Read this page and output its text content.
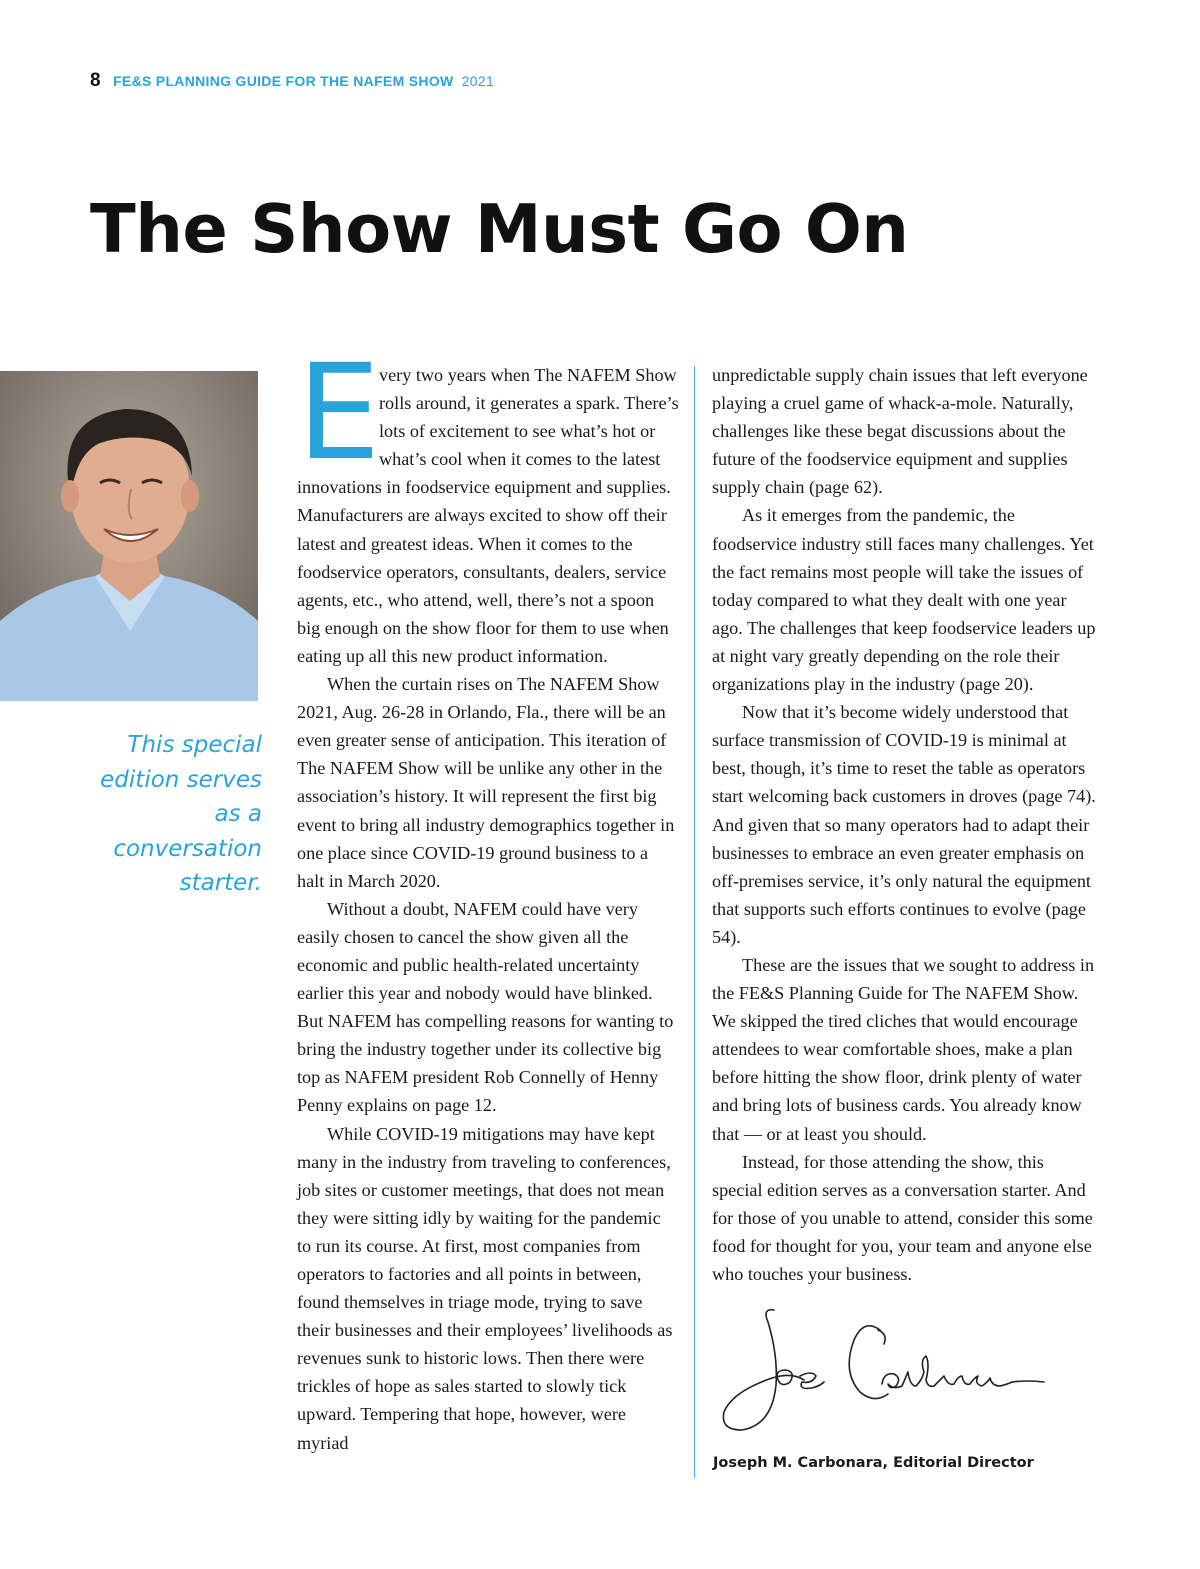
8 FE&S PLANNING GUIDE FOR THE NAFEM SHOW 2021
The Show Must Go On
This special edition serves as a conversation starter.
E

very two years when The NAFEM Show rolls around, it generates a spark. There’s lots of excitement to see what’s hot or what’s cool when it comes to the latest innovations in foodservice equipment and supplies. Manufacturers are always excited to show off their latest and greatest ideas. When it comes to the foodservice operators, consultants, dealers, service agents, etc., who attend, well, there’s not a spoon big enough on the show floor for them to use when eating up all this new product information.

When the curtain rises on The NAFEM Show 2021, Aug. 26-28 in Orlando, Fla., there will be an even greater sense of anticipation. This iteration of The NAFEM Show will be unlike any other in the association’s history. It will represent the first big event to bring all industry demographics together in one place since COVID-19 ground business to a halt in March 2020.

Without a doubt, NAFEM could have very easily chosen to cancel the show given all the economic and public health-related uncertainty earlier this year and nobody would have blinked. But NAFEM has compelling reasons for wanting to bring the industry together under its collective big top as NAFEM president Rob Connelly of Henny Penny explains on page 12.

While COVID-19 mitigations may have kept many in the industry from traveling to conferences, job sites or customer meetings, that does not mean they were sitting idly by waiting for the pandemic to run its course. At first, most companies from operators to factories and all points in between, found themselves in triage mode, trying to save their businesses and their employees’ livelihoods as revenues sunk to historic lows. Then there were trickles of hope as sales started to slowly tick upward. Tempering that hope, however, were myriad

unpredictable supply chain issues that left everyone playing a cruel game of whack-a-mole. Naturally, challenges like these begat discussions about the future of the foodservice equipment and supplies supply chain (page 62).

As it emerges from the pandemic, the foodservice industry still faces many challenges. Yet the fact remains most people will take the issues of today compared to what they dealt with one year ago. The challenges that keep foodservice leaders up at night vary greatly depending on the role their organizations play in the industry (page 20).

Now that it’s become widely understood that surface transmission of COVID-19 is minimal at best, though, it’s time to reset the table as operators start welcoming back customers in droves (page 74). And given that so many operators had to adapt their businesses to embrace an even greater emphasis on off-premises service, it’s only natural the equipment that supports such efforts continues to evolve (page 54).

These are the issues that we sought to address in the FE&S Planning Guide for The NAFEM Show. We skipped the tired cliches that would encourage attendees to wear comfortable shoes, make a plan before hitting the show floor, drink plenty of water and bring lots of business cards. You already know that — or at least you should.

Instead, for those attending the show, this special edition serves as a conversation starter. And for those of you unable to attend, consider this some food for thought for you, your team and anyone else who touches your business.

Joseph M. Carbonara, Editorial Director
